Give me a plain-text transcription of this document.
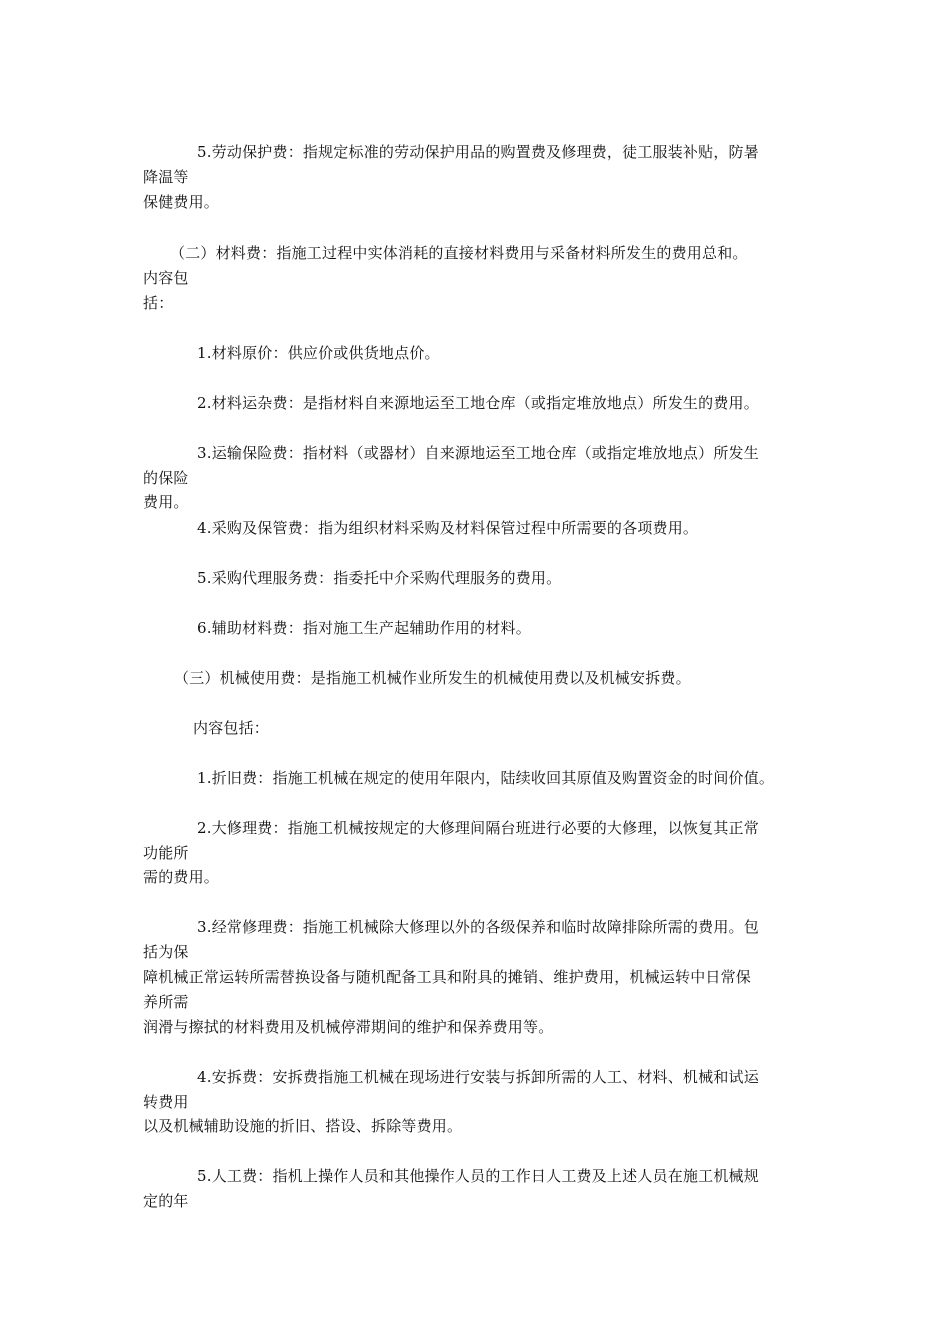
5.劳动保护费：指规定标准的劳动保护用品的购置费及修理费，徒工服装补贴，防暑
降温等
保健费用。
（二）材料费：指施工过程中实体消耗的直接材料费用与采备材料所发生的费用总和。
内容包
括：
1.材料原价：供应价或供货地点价。
2.材料运杂费：是指材料自来源地运至工地仓库（或指定堆放地点）所发生的费用。
3.运输保险费：指材料（或器材）自来源地运至工地仓库（或指定堆放地点）所发生
的保险
费用。
4.采购及保管费：指为组织材料采购及材料保管过程中所需要的各项费用。
5.采购代理服务费：指委托中介采购代理服务的费用。
6.辅助材料费：指对施工生产起辅助作用的材料。
（三）机械使用费：是指施工机械作业所发生的机械使用费以及机械安拆费。
内容包括：
1.折旧费：指施工机械在规定的使用年限内，陆续收回其原值及购置资金的时间价值。
2.大修理费：指施工机械按规定的大修理间隔台班进行必要的大修理，以恢复其正常
功能所
需的费用。
3.经常修理费：指施工机械除大修理以外的各级保养和临时故障排除所需的费用。包
括为保
障机械正常运转所需替换设备与随机配备工具和附具的摊销、维护费用，机械运转中日常保
养所需
润滑与擦拭的材料费用及机械停滞期间的维护和保养费用等。
4.安拆费：安拆费指施工机械在现场进行安装与拆卸所需的人工、材料、机械和试运
转费用
以及机械辅助设施的折旧、搭设、拆除等费用。
5.人工费：指机上操作人员和其他操作人员的工作日人工费及上述人员在施工机械规
定的年
